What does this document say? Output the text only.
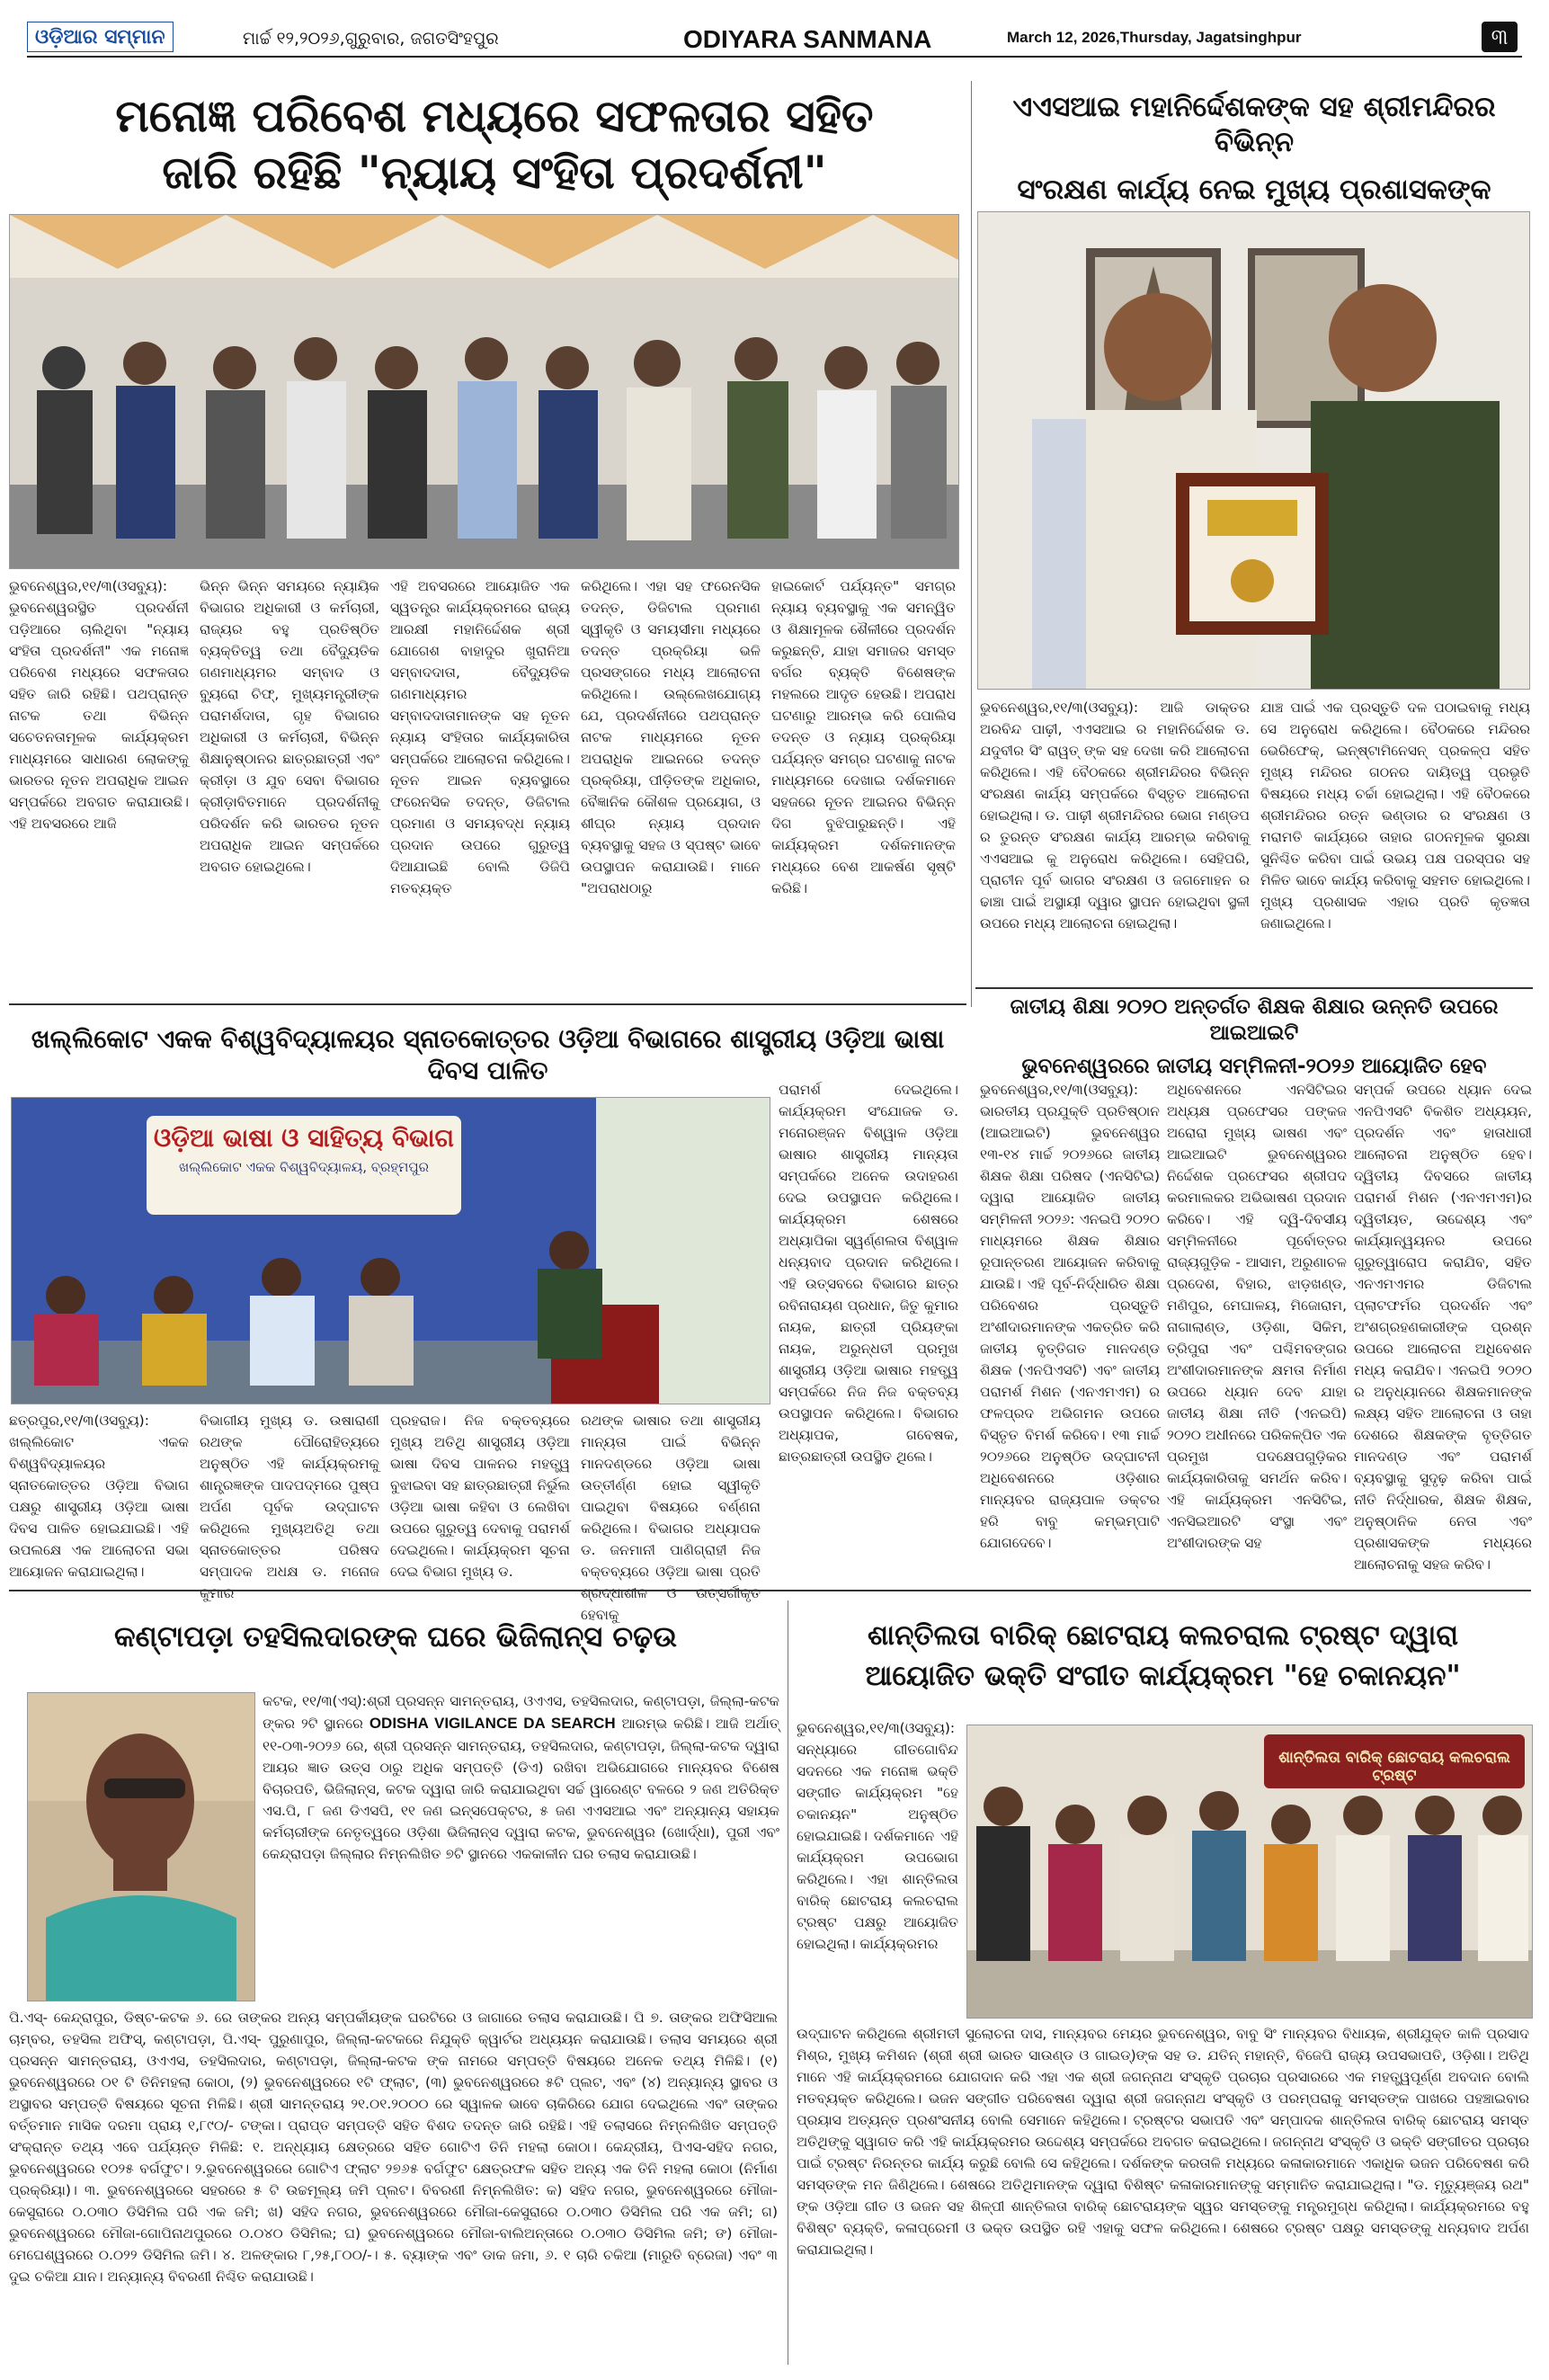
ଓଡ଼ିଆର ସମ୍ମାନ	ମାର୍ଚ୍ଚ ୧୨,୨୦୨୬,ଗୁରୁବାର, ଜଗତସିଂହପୁର	ODIYARA SANMANA	March 12, 2026,Thursday, Jagatsinghpur	୩
ମନୋଜ୍ଞ ପରିବେଶ ମଧ୍ୟରେ ସଫଳତାର ସହିତ
ଜାରି ରହିଛି "ନ୍ୟାୟ ସଂହିତା ପ୍ରଦର୍ଶନୀ"
ଭୁବନେଶ୍ୱର,୧୧/୩(ଓସବ୍ୟୁ): ଭୁବନେଶ୍ୱରସ୍ଥିତ ପ୍ରଦର୍ଶନୀ ପଡ଼ିଆରେ ଚାଲିଥିବା "ନ୍ୟାୟ ସଂହିତା ପ୍ରଦର୍ଶନୀ" ଏକ ମନୋଜ୍ଞ ପରିବେଶ ମଧ୍ୟରେ ସଫଳତାର ସହିତ ଜାରି ରହିଛି। ପଥପ୍ରାନ୍ତ ନାଟକ ତଥା ବିଭିନ୍ନ ସଚେତନତାମୂଳକ କାର୍ଯ୍ୟକ୍ରମ ମାଧ୍ୟମରେ ସାଧାରଣ ଲୋକଙ୍କୁ ଭାରତର ନୂତନ ଅପରାଧିକ ଆଇନ ସମ୍ପର୍କରେ ଅବଗତ କରାଯାଉଛି। ଏହି ଅବସରରେ ଆଜି
ଭିନ୍ନ ଭିନ୍ନ ସମୟରେ ନ୍ୟାୟିକ ବିଭାଗର ଅଧିକାରୀ ଓ କର୍ମଚାରୀ, ରାଜ୍ୟର ବହୁ ପ୍ରତିଷ୍ଠିତ ବ୍ୟକ୍ତିତ୍ୱ ତଥା ବୈଦ୍ୟୁତିକ ଗଣମାଧ୍ୟମର ସମ୍ବାଦ ଓ ବ୍ୟୁରୋ ଚିଫ୍, ମୁଖ୍ୟମନ୍ତ୍ରୀଙ୍କ ପରାମର୍ଶଦାତା, ଗୃହ ବିଭାଗର ଅଧିକାରୀ ଓ କର୍ମଚାରୀ, ବିଭିନ୍ନ ଶିକ୍ଷାନୁଷ୍ଠାନର ଛାତ୍ରଛାତ୍ରୀ ଏବଂ କ୍ରୀଡ଼ା ଓ ଯୁବ ସେବା ବିଭାଗର କ୍ରୀଡ଼ାବିତମାନେ ପ୍ରଦର୍ଶନୀକୁ ପରିଦର୍ଶନ କରି ଭାରତର ନୂତନ ଅପରାଧିକ ଆଇନ ସମ୍ପର୍କରେ ଅବଗତ ହୋଇଥିଲେ।
ଏହି ଅବସରରେ ଆୟୋଜିତ ଏକ ସ୍ୱତନ୍ତ୍ର କାର୍ଯ୍ୟକ୍ରମରେ ରାଜ୍ୟ ଆରକ୍ଷୀ ମହାନିର୍ଦ୍ଦେଶକ ଶ୍ରୀ ଯୋଗେଶ ବାହାଦୁର ଖୁରାନିଆ ସମ୍ବାଦଦାତା, ବୈଦ୍ୟୁତିକ ଗଣମାଧ୍ୟମର ସମ୍ବାଦଦାତାମାନଙ୍କ ସହ ନୂତନ ନ୍ୟାୟ ସଂହିତାର କାର୍ଯ୍ୟକାରିତା ସମ୍ପର୍କରେ ଆଲୋଚନା କରିଥିଲେ। ନୂତନ ଆଇନ ବ୍ୟବସ୍ଥାରେ ଫରେନସିକ ତଦନ୍ତ, ଡିଜିଟାଲ ପ୍ରମାଣ ଓ ସମୟବଦ୍ଧ ନ୍ୟାୟ ପ୍ରଦାନ ଉପରେ ଗୁରୁତ୍ୱ ଦିଆଯାଇଛି ବୋଲି ଡିଜିପି ମତବ୍ୟକ୍ତ
କରିଥିଲେ। ଏହା ସହ ଫରେନସିକ ତଦନ୍ତ, ଡିଜିଟାଲ ପ୍ରମାଣ ସ୍ୱୀକୃତି ଓ ସମୟସୀମା ମଧ୍ୟରେ ତଦନ୍ତ ପ୍ରକ୍ରିୟା ଭଳି ପ୍ରସଙ୍ଗରେ ମଧ୍ୟ ଆଲୋଚନା କରିଥିଲେ। ଉଲ୍ଲେଖଯୋଗ୍ୟ ଯେ, ପ୍ରଦର୍ଶନୀରେ ପଥପ୍ରାନ୍ତ ନାଟକ ମାଧ୍ୟମରେ ନୂତନ ଅପରାଧିକ ଆଇନରେ ତଦନ୍ତ ପ୍ରକ୍ରିୟା, ପୀଡ଼ିତଙ୍କ ଅଧିକାର, ବୈଜ୍ଞାନିକ କୌଶଳ ପ୍ରୟୋଗ, ଓ ଶୀଘ୍ର ନ୍ୟାୟ ପ୍ରଦାନ ବ୍ୟବସ୍ଥାକୁ ସହଜ ଓ ସ୍ପଷ୍ଟ ଭାବେ ଉପସ୍ଥାପନ କରାଯାଉଛି। ମାନେ "ଅପରାଧଠାରୁ
ହାଇକୋର୍ଟ ପର୍ଯ୍ୟନ୍ତ" ସମଗ୍ର ନ୍ୟାୟ ବ୍ୟବସ୍ଥାକୁ ଏକ ସମନ୍ୱିତ ଓ ଶିକ୍ଷାମୂଳକ ଶୈଳୀରେ ପ୍ରଦର୍ଶନ କରୁଛନ୍ତି, ଯାହା ସମାଜର ସମସ୍ତ ବର୍ଗର ବ୍ୟକ୍ତି ବିଶେଷଙ୍କ ମହଲରେ ଆଦୃତ ହେଉଛି। ଅପରାଧ ଘଟଣାରୁ ଆରମ୍ଭ କରି ପୋଲିସ ତଦନ୍ତ ଓ ନ୍ୟାୟ ପ୍ରକ୍ରିୟା ପର୍ଯ୍ୟନ୍ତ ସମଗ୍ର ଘଟଣାକୁ ନାଟକ ମାଧ୍ୟମରେ ଦେଖାଇ ଦର୍ଶକମାନେ ସହଜରେ ନୂତନ ଆଇନର ବିଭିନ୍ନ ଦିଗ ବୁଝିପାରୁଛନ୍ତି। ଏହି କାର୍ଯ୍ୟକ୍ରମ ଦର୍ଶକମାନଙ୍କ ମଧ୍ୟରେ ବେଶ ଆକର୍ଷଣ ସୃଷ୍ଟି କରିଛି।
ଏଏସଆଇ ମହାନିର୍ଦ୍ଦେଶକଙ୍କ ସହ ଶ୍ରୀମନ୍ଦିରର ବିଭିନ୍ନ
ସଂରକ୍ଷଣ କାର୍ଯ୍ୟ ନେଇ ମୁଖ୍ୟ ପ୍ରଶାସକଙ୍କ
ଭୁବନେଶ୍ୱର,୧୧/୩(ଓସବ୍ୟୁ): ଆଜି ଡାକ୍ତର ଅରବିନ୍ଦ ପାଢ଼ୀ, ଏଏସଆଇ ର ମହାନିର୍ଦ୍ଦେଶକ ଡ. ଯଦୁବୀର ସିଂ ରାୱତ୍ ଙ୍କ ସହ ଦେଖା କରି ଆଲୋଚନା କରିଥିଲେ। ଏହି ବୈଠକରେ ଶ୍ରୀମନ୍ଦିରର ବିଭିନ୍ନ ସଂରକ୍ଷଣ କାର୍ଯ୍ୟ ସମ୍ପର୍କରେ ବିସ୍ତୃତ ଆଲୋଚନା ହୋଇଥିଲା। ଡ. ପାଢ଼ୀ ଶ୍ରୀମନ୍ଦିରର ଭୋଗ ମଣ୍ଡପ ର ତୁରନ୍ତ ସଂରକ୍ଷଣ କାର୍ଯ୍ୟ ଆରମ୍ଭ କରିବାକୁ ଏଏସଆଇ କୁ ଅନୁରୋଧ କରିଥିଲେ। ସେହିପରି, ପ୍ରାଚୀନ ପୂର୍ବ ଭାଗର ସଂରକ୍ଷଣ ଓ ଜଗମୋହନ ର ଢାଞ୍ଚା ପାଇଁ ଅସ୍ଥାୟୀ ଦ୍ୱାର ସ୍ଥାପନ ହୋଇଥିବା ସ୍ଥଳୀ ଉପରେ ମଧ୍ୟ ଆଲୋଚନା ହୋଇଥିଲା।
ଯାଞ୍ଚ ପାଇଁ ଏକ ପ୍ରସ୍ତୁତି ଦଳ ପଠାଇବାକୁ ମଧ୍ୟ ସେ ଅନୁରୋଧ କରିଥିଲେ। ବୈଠକରେ ମନ୍ଦିରର ଭେରିଫେକ୍, ଇନ୍ଷ୍ଟାମିନେସନ୍ ପ୍ରକଳ୍ପ ସହିତ ମୁଖ୍ୟ ମନ୍ଦିରର ଗଠନର ଦାୟିତ୍ୱ ପ୍ରଭୃତି ବିଷୟରେ ମଧ୍ୟ ଚର୍ଚ୍ଚା ହୋଇଥିଲା। ଏହି ବୈଠକରେ ଶ୍ରୀମନ୍ଦିରର ରତ୍ନ ଭଣ୍ଡାର ର ସଂରକ୍ଷଣ ଓ ମରାମତି କାର୍ଯ୍ୟରେ ତାହାର ଗଠନମୂଳକ ସୁରକ୍ଷା ସୁନିଶ୍ଚିତ କରିବା ପାଇଁ ଉଭୟ ପକ୍ଷ ପରସ୍ପର ସହ ମିଳିତ ଭାବେ କାର୍ଯ୍ୟ କରିବାକୁ ସହମତ ହୋଇଥିଲେ। ମୁଖ୍ୟ ପ୍ରଶାସକ ଏହାର ପ୍ରତି କୃତଜ୍ଞତା ଜଣାଇଥିଲେ।
ଖଲ୍ଲିକୋଟ ଏକକ ବିଶ୍ୱବିଦ୍ୟାଳୟର ସ୍ନାତକୋତ୍ତର ଓଡ଼ିଆ ବିଭାଗରେ ଶାସ୍ତ୍ରୀୟ ଓଡ଼ିଆ ଭାଷା ଦିବସ ପାଳିତ
ଓଡ଼ିଆ ଭାଷା ଓ ସାହିତ୍ୟ ବିଭାଗ
ଖଲ୍ଲିକୋଟ ଏକକ ବିଶ୍ୱବିଦ୍ୟାଳୟ, ବ୍ରହ୍ମପୁର
ଛତ୍ରପୁର,୧୧/୩(ଓସବ୍ୟୁ): ଖଲ୍ଲିକୋଟ ଏକକ ବିଶ୍ୱବିଦ୍ୟାଳୟର ସ୍ନାତକୋତ୍ତର ଓଡ଼ିଆ ବିଭାଗ ପକ୍ଷରୁ ଶାସ୍ତ୍ରୀୟ ଓଡ଼ିଆ ଭାଷା ଦିବସ ପାଳିତ ହୋଇଯାଇଛି। ଏହି ଉପଲକ୍ଷେ ଏକ ଆଲୋଚନା ସଭା ଆୟୋଜନ କରାଯାଇଥିଲା।
ବିଭାଗୀୟ ମୁଖ୍ୟ ଡ. ଉଷାରାଣୀ ରଥଙ୍କ ପୌରୋହିତ୍ୟରେ ଅନୁଷ୍ଠିତ ଏହି କାର୍ଯ୍ୟକ୍ରମକୁ ଶାନ୍ତ୍ରଜ୍ଞଙ୍କ ପାଦପଦ୍ମରେ ପୁଷ୍ପ ଅର୍ପଣ ପୂର୍ବକ ଉଦ୍‌ଘାଟନ କରିଥିଲେ ମୁଖ୍ୟଅତିଥି ତଥା ସ୍ନାତକୋତ୍ତର ପରିଷଦ ସମ୍ପାଦକ ଅଧକ୍ଷ ଡ. ମନୋଜ କୁମାର
ପ୍ରହରାଜ। ନିଜ ବକ୍ତବ୍ୟରେ ମୁଖ୍ୟ ଅତିଥି ଶାସ୍ତ୍ରୀୟ ଓଡ଼ିଆ ଭାଷା ଦିବସ ପାଳନର ମହତ୍ତ୍ୱ ବୁଝାଇବା ସହ ଛାତ୍ରଛାତ୍ରୀ ନିର୍ଭୁଲ ଓଡ଼ିଆ ଭାଷା କହିବା ଓ ଲେଖିବା ଉପରେ ଗୁରୁତ୍ୱ ଦେବାକୁ ପରାମର୍ଶ ଦେଇଥିଲେ। କାର୍ଯ୍ୟକ୍ରମ ସୂଚନା ଦେଇ ବିଭାଗ ମୁଖ୍ୟ ଡ.
ରଥଙ୍କ ଭାଷାର ତଥା ଶାସ୍ତ୍ରୀୟ ମାନ୍ୟତା ପାଇଁ ବିଭିନ୍ନ ମାନଦଣ୍ଡରେ ଓଡ଼ିଆ ଭାଷା ଉତ୍ତୀର୍ଣ୍ଣ ହୋଇ ସ୍ୱୀକୃତି ପାଇଥିବା ବିଷୟରେ ବର୍ଣ୍ଣନା କରିଥିଲେ। ବିଭାଗର ଅଧ୍ୟାପକ ଡ. ଜନମାନୀ ପାଣିଗ୍ରାହୀ ନିଜ ବକ୍ତବ୍ୟରେ ଓଡ଼ିଆ ଭାଷା ପ୍ରତି ଶ୍ରଦ୍ଧାଶୀଳ ଓ ଉତ୍ସର୍ଗୀକୃତ ହେବାକୁ
ପରାମର୍ଶ ଦେଇଥିଲେ। କାର୍ଯ୍ୟକ୍ରମ ସଂଯୋଜକ ଡ. ମନୋରଞ୍ଜନ ବିଶ୍ୱାଳ ଓଡ଼ିଆ ଭାଷାର ଶାସ୍ତ୍ରୀୟ ମାନ୍ୟତା ସମ୍ପର୍କରେ ଅନେକ ଉଦାହରଣ ଦେଇ ଉପସ୍ଥାପନ କରିଥିଲେ। କାର୍ଯ୍ୟକ୍ରମ ଶେଷରେ ଅଧ୍ୟାପିକା ସ୍ୱର୍ଣ୍ଣଲତା ବିଶ୍ୱାଳ ଧନ୍ୟବାଦ ପ୍ରଦାନ କରିଥିଲେ। ଏହି ଉତ୍ସବରେ ବିଭାଗର ଛାତ୍ର ରବିନାରାୟଣ ପ୍ରଧାନ, ଜିତୁ କୁମାର ନାୟକ, ଛାତ୍ରୀ ପ୍ରିୟଙ୍କା ନାୟକ, ଅରୁନ୍ଧତୀ ପ୍ରମୁଖ ଶାସ୍ତ୍ରୀୟ ଓଡ଼ିଆ ଭାଷାର ମହତ୍ତ୍ୱ ସମ୍ପର୍କରେ ନିଜ ନିଜ ବକ୍ତବ୍ୟ ଉପସ୍ଥାପନ କରିଥିଲେ। ବିଭାଗର ଅଧ୍ୟାପକ, ଗବେଷକ, ଛାତ୍ରଛାତ୍ରୀ ଉପସ୍ଥିତ ଥିଲେ।
ଜାତୀୟ ଶିକ୍ଷା ୨୦୨୦ ଅନ୍ତର୍ଗତ ଶିକ୍ଷକ ଶିକ୍ଷାର ଉନ୍ନତି ଉପରେ ଆଇଆଇଟି
ଭୁବନେଶ୍ୱରରେ ଜାତୀୟ ସମ୍ମିଳନୀ-୨୦୨୬ ଆୟୋଜିତ ହେବ
ଭୁବନେଶ୍ୱର,୧୧/୩(ଓସବ୍ୟୁ): ଭାରତୀୟ ପ୍ରଯୁକ୍ତି ପ୍ରତିଷ୍ଠାନ (ଆଇଆଇଟି) ଭୁବନେଶ୍ୱର ୧୩-୧୪ ମାର୍ଚ୍ଚ ୨୦୨୬ରେ ଜାତୀୟ ଶିକ୍ଷକ ଶିକ୍ଷା ପରିଷଦ (ଏନସିଟିଇ) ଦ୍ୱାରା ଆୟୋଜିତ ଜାତୀୟ ସମ୍ମିଳନୀ ୨୦୨୬: ଏନଇପି ୨୦୨୦ ମାଧ୍ୟମରେ ଶିକ୍ଷକ ଶିକ୍ଷାର ରୂପାନ୍ତରଣ ଆୟୋଜନ କରିବାକୁ ଯାଉଛି। ଏହି ପୂର୍ବ-ନିର୍ଦ୍ଧାରିତ ଶିକ୍ଷା ପରିବେଶର ପ୍ରସ୍ତୁତି ଅଂଶୀଦାରମାନଙ୍କ ଏକତ୍ରିତ କରି ଜାତୀୟ ବୃତ୍ତିଗତ ମାନଦଣ୍ଡ ଶିକ୍ଷକ (ଏନପିଏସଟି) ଏବଂ ଜାତୀୟ ପରାମର୍ଶ ମିଶନ (ଏନଏମଏମ) ର ଫଳପ୍ରଦ ଅଭିଗମନ ଉପରେ ବିସ୍ତୃତ ବିମର୍ଶ କରିବେ। ୧୩ ମାର୍ଚ୍ଚ ୨୦୨୬ରେ ଅନୁଷ୍ଠିତ ଉଦ୍‌ଘାଟନୀ ଅଧିବେଶନରେ ଓଡ଼ିଶାର ମାନ୍ୟବର ରାଜ୍ୟପାଳ ଡକ୍ଟର ହରି ବାବୁ କମ୍ଭମ୍ପାଟି ଯୋଗଦେବେ।
ଅଧିବେଶନରେ ଏନସିଟିଇର ଅଧ୍ୟକ୍ଷ ପ୍ରଫେସର ପଙ୍କଜ ଅରୋରା ମୁଖ୍ୟ ଭାଷଣ ଏବଂ ଆଇଆଇଟି ଭୁବନେଶ୍ୱରର ନିର୍ଦ୍ଦେଶକ ପ୍ରଫେସର ଶ୍ରୀପଦ କରମାଲକର ଅଭିଭାଷଣ ପ୍ରଦାନ କରିବେ। ଏହି ଦ୍ୱି-ଦିବସୀୟ ସମ୍ମିଳନୀରେ ପୂର୍ବୋତ୍ତର ରାଜ୍ୟଗୁଡ଼ିକ - ଆସାମ, ଅରୁଣାଚଳ ପ୍ରଦେଶ, ବିହାର, ଝାଡ଼ଖଣ୍ଡ, ମଣିପୁର, ମେଘାଳୟ, ମିଜୋରାମ, ନାଗାଲାଣ୍ଡ, ଓଡ଼ିଶା, ସିକିମ, ତ୍ରିପୁରା ଏବଂ ପଶ୍ଚିମବଙ୍ଗର ଅଂଶୀଦାରମାନଙ୍କ କ୍ଷମତା ନିର୍ମାଣ ଉପରେ ଧ୍ୟାନ ଦେବ ଯାହା ଜାତୀୟ ଶିକ୍ଷା ନୀତି (ଏନଇପି) ୨୦୨୦ ଅଧୀନରେ ପରିକଳ୍ପିତ ଏକ ପ୍ରମୁଖ ପଦକ୍ଷେପଗୁଡ଼ିକର କାର୍ଯ୍ୟକାରିତାକୁ ସମର୍ଥନ କରିବ। ଏହି କାର୍ଯ୍ୟକ୍ରମ ଏନସିଟିଇ, ଏନସିଇଆରଟି ସଂସ୍ଥା ଏବଂ ଅଂଶୀଦାରଙ୍କ ସହ
ସମ୍ପର୍କ ଉପରେ ଧ୍ୟାନ ଦେଇ ଏନପିଏସଟି ବିକଶିତ ଅଧ୍ୟୟନ, ପ୍ରଦର୍ଶନ ଏବଂ ହାତାଧାରୀ ଆଲୋଚନା ଅନୁଷ୍ଠିତ ହେବ। ଦ୍ୱିତୀୟ ଦିବସରେ ଜାତୀୟ ପରାମର୍ଶ ମିଶନ (ଏନଏମଏମ)ର ଦ୍ୱିତୀୟତ, ଉଦ୍ଦେଶ୍ୟ ଏବଂ କାର୍ଯ୍ୟାନ୍ୱୟନର ଉପରେ ଗୁରୁତ୍ୱାରୋପ କରାଯିବ, ସହିତ ଏନଏମଏମର ଡିଜିଟାଲ ପ୍ଲାଟଫର୍ମର ପ୍ରଦର୍ଶନ ଏବଂ ଅଂଶଗ୍ରହଣକାରୀଙ୍କ ପ୍ରଶ୍ନ ଉପରେ ଆଲୋଚନା ଅଧିବେଶନ ମଧ୍ୟ କରାଯିବ। ଏନଇପି ୨୦୨୦ ର ଅନୁଧ୍ୟାନରେ ଶିକ୍ଷକମାନଙ୍କ ଲକ୍ଷ୍ୟ ସହିତ ଆଲୋଚନା ଓ ତାହା ଦେଶରେ ଶିକ୍ଷକଙ୍କ ବୃତ୍ତିଗତ ମାନଦଣ୍ଡ ଏବଂ ପରାମର୍ଶ ବ୍ୟବସ୍ଥାକୁ ସୁଦୃଢ଼ କରିବା ପାଇଁ ନୀତି ନିର୍ଦ୍ଧାରକ, ଶିକ୍ଷକ ଶିକ୍ଷକ, ଅନୁଷ୍ଠାନିକ ନେତା ଏବଂ ପ୍ରଶାସକଙ୍କ ମଧ୍ୟରେ ଆଲୋଚନାକୁ ସହଜ କରିବ।
କଣ୍ଟାପଡ଼ା ତହସିଲଦାରଙ୍କ ଘରେ ଭିଜିଲାନ୍ସ ଚଢ଼ଉ
କଟକ, ୧୧/୩(ଏସ୍):ଶ୍ରୀ ପ୍ରସନ୍ନ ସାମନ୍ତରାୟ, ଓଏଏସ, ତହସିଲଦାର, କଣ୍ଟାପଡ଼ା, ଜିଲ୍ଲା-କଟକ ଙ୍କର ୨ଟି ସ୍ଥାନରେ ODISHA VIGILANCE DA SEARCH ଆରମ୍ଭ କରିଛି। ଆଜି ଅର୍ଥାତ୍ ୧୧-୦୩-୨୦୨୬ ରେ, ଶ୍ରୀ ପ୍ରସନ୍ନ ସାମନ୍ତରାୟ, ତହସିଲଦାର, କଣ୍ଟାପଡ଼ା, ଜିଲ୍ଲା-କଟକ ଦ୍ୱାରା ଆୟର ଜ୍ଞାତ ଉତ୍ସ ଠାରୁ ଅଧିକ ସମ୍ପତ୍ତି (ଡିଏ) ରଖିବା ଅଭିଯୋଗରେ ମାନ୍ୟବର ବିଶେଷ ବିଚାରପତି, ଭିଜିଲାନ୍ସ, କଟକ ଦ୍ୱାରା ଜାରି କରାଯାଇଥିବା ସର୍ଚ୍ଚ ୱାରେଣ୍ଟ ବଳରେ ୨ ଜଣ ଅତିରିକ୍ତ ଏସ.ପି, ୮ ଜଣ ଡିଏସପି, ୧୧ ଜଣ ଇନ୍ସପେକ୍ଟର, ୫ ଜଣ ଏଏସଆଇ ଏବଂ ଅନ୍ୟାନ୍ୟ ସହାୟକ କର୍ମଚାରୀଙ୍କ ନେତୃତ୍ୱରେ ଓଡ଼ିଶା ଭିଜିଲାନ୍ସ ଦ୍ୱାରା କଟକ, ଭୁବନେଶ୍ୱର (ଖୋର୍ଦ୍ଧା), ପୁରୀ ଏବଂ କେନ୍ଦ୍ରାପଡ଼ା ଜିଲ୍ଲାର ନିମ୍ନଲିଖିତ ୭ଟି ସ୍ଥାନରେ ଏକକାଳୀନ ଘର ତଲାସ କରାଯାଉଛି।
ପି.ଏସ୍- କେନ୍ଦ୍ରାପୁର, ଡିଷ୍ଟ-କଟକ ୬. ରେ ତାଙ୍କର ଅନ୍ୟ ସମ୍ପର୍କୀୟଙ୍କ ଘରଟିରେ ଓ ଜାଗାରେ ତଲାସ କରାଯାଉଛି। ପି ୭. ତାଙ୍କର ଅଫିସିଆଲ ଚାମ୍ବର, ତହସିଲ ଅଫିସ୍, କଣ୍ଟାପଡ଼ା, ପି.ଏସ୍- ପୁରୁଣାପୁର, ଜିଲ୍ଲା-କଟକରେ ନିଯୁକ୍ତି କ୍ୱାର୍ଟର ଅଧ୍ୟୟନ କରାଯାଉଛି। ତଲାସ ସମୟରେ ଶ୍ରୀ ପ୍ରସନ୍ନ ସାମନ୍ତରାୟ, ଓଏଏସ, ତହସିଲଦାର, କଣ୍ଟାପଡ଼ା, ଜିଲ୍ଲା-କଟକ ଙ୍କ ନାମରେ ସମ୍ପତ୍ତି ବିଷୟରେ ଅନେକ ତଥ୍ୟ ମିଳିଛି। (୧) ଭୁବନେଶ୍ୱରରେ ୦୧ ଟି ତିନିମହଲା କୋଠା, (୨) ଭୁବନେଶ୍ୱରରେ ୧ଟି ଫ୍ଲାଟ, (୩) ଭୁବନେଶ୍ୱରରେ ୫ଟି ପ୍ଲଟ, ଏବଂ (୪) ଅନ୍ୟାନ୍ୟ ସ୍ଥାବର ଓ ଅସ୍ଥାବର ସମ୍ପତ୍ତି ବିଷୟରେ ସୂଚନା ମିଳିଛି। ଶ୍ରୀ ସାମନ୍ତରାୟ ୨୧.୦୧.୨୦୦୦ ରେ ସ୍ୱାଳକ ଭାବେ ଚାକିରିରେ ଯୋଗ ଦେଇଥିଲେ ଏବଂ ତାଙ୍କର ବର୍ତ୍ତମାନ ମାସିକ ଦରମା ପ୍ରାୟ ୧,୮୯୦/- ଟଙ୍କା। ପ୍ରାପ୍ତ ସମ୍ପତ୍ତି ସହିତ ବିଶଦ ତଦନ୍ତ ଜାରି ରହିଛି। ଏହି ତଲାସରେ ନିମ୍ନଲିଖିତ ସମ୍ପତ୍ତି ସଂକ୍ରାନ୍ତ ତଥ୍ୟ ଏବେ ପର୍ଯ୍ୟନ୍ତ ମିଳିଛି: ୧. ଅନ୍ଧ୍ୟାୟ କ୍ଷେତ୍ରରେ ସହିତ ଗୋଟିଏ ତିନି ମହଲା କୋଠା। କେନ୍ଦ୍ରୀୟ, ପିଏସ-ସହିଦ ନଗର, ଭୁବନେଶ୍ୱରରେ ୧୦୨୫ ବର୍ଗଫୁଟ। ୨.ଭୁବନେଶ୍ୱରରେ ଗୋଟିଏ ଫ୍ଲାଟ ୨୭୬୫ ବର୍ଗଫୁଟ କ୍ଷେତ୍ରଫଳ ସହିତ ଅନ୍ୟ ଏକ ତିନି ମହଲା କୋଠା (ନିର୍ମାଣ ପ୍ରକ୍ରିୟା)। ୩. ଭୁବନେଶ୍ୱରରେ ସହରରେ ୫ ଟି ଉଚ୍ଚମୂଲ୍ୟ ଜମି ପ୍ଲଟ। ବିବରଣୀ ନିମ୍ନଲିଖିତ: କ) ସହିଦ ନଗର, ଭୁବନେଶ୍ୱରରେ ମୌଜା-କେସୁରାରେ ୦.୦୩୦ ଡିସିମିଲ ପରି ଏକ ଜମି; ଖ) ସହିଦ ନଗର, ଭୁବନେଶ୍ୱରରେ ମୌଜା-କେସୁରାରେ ୦.୦୩୦ ଡିସିମିଲ ପରି ଏକ ଜମି; ଗ) ଭୁବନେଶ୍ୱରରେ ମୌଜା-ଗୋପିନାଥପୁରରେ ୦.୦୪୦ ଡିସିମିଲ; ଘ) ଭୁବନେଶ୍ୱରରେ ମୌଜା-ବାଲିଅନ୍ତାରେ ୦.୦୩୦ ଡିସିମିଲ ଜମି; ଙ) ମୌଜା-ମେଘେଶ୍ୱରରେ ୦.୦୨୨ ଡିସିମିଲ ଜମି। ୪. ଅଳଙ୍କାର ୮,୨୫,୮୦୦/-। ୫. ବ୍ୟାଙ୍କ ଏବଂ ଡାକ ଜମା, ୬. ୧ ଚାରି ଚକିଆ (ମାରୁତି ବ୍ରେଜା) ଏବଂ ୩ ଦୁଇ ଚକିଆ ଯାନ। ଅନ୍ୟାନ୍ୟ ବିବରଣୀ ନିଶ୍ଚିତ କରାଯାଉଛି।
ଶାନ୍ତିଲତା ବାରିକ୍ ଛୋଟରାୟ କଲଚରାଲ ଟ୍ରଷ୍ଟ ଦ୍ୱାରା
ଆୟୋଜିତ ଭକ୍ତି ସଂଗୀତ କାର୍ଯ୍ୟକ୍ରମ "ହେ ଚକାନୟନ"
ଭୁବନେଶ୍ୱର,୧୧/୩(ଓସବ୍ୟୁ): ସନ୍ଧ୍ୟାରେ ଗୀତଗୋବିନ୍ଦ ସଦନରେ ଏକ ମନୋଜ୍ଞ ଭକ୍ତି ସଙ୍ଗୀତ କାର୍ଯ୍ୟକ୍ରମ "ହେ ଚକାନୟନ" ଅନୁଷ୍ଠିତ ହୋଇଯାଇଛି। ଦର୍ଶକମାନେ ଏହି କାର୍ଯ୍ୟକ୍ରମ ଉପଭୋଗ କରିଥିଲେ। ଏହା ଶାନ୍ତିଲତା ବାରିକ୍ ଛୋଟରାୟ କଲଚରାଲ ଟ୍ରଷ୍ଟ ପକ୍ଷରୁ ଆୟୋଜିତ ହୋଇଥିଲା। କାର୍ଯ୍ୟକ୍ରମର
ଶାନ୍ତିଲତା ବାରିକ୍ ଛୋଟରାୟ କଲଚରାଲ ଟ୍ରଷ୍ଟ
ଉଦ୍‌ଘାଟନ କରିଥିଲେ ଶ୍ରୀମତୀ ସୁଲୋଚନା ଦାସ, ମାନ୍ୟବର ମେୟର ଭୁବନେଶ୍ୱର, ବାବୁ ସିଂ ମାନ୍ୟବର ବିଧାୟକ, ଶ୍ରୀଯୁକ୍ତ କାଳି ପ୍ରସାଦ ମିଶ୍ର, ମୁଖ୍ୟ କମିଶନ (ଶ୍ରୀ ଶ୍ରୀ ଭାରତ ସାଉଣ୍ଡ ଓ ଗାଇଡ୍)ଙ୍କ ସହ ଡ. ଯତିନ୍ ମହାନ୍ତି, ବିଜେପି ରାଜ୍ୟ ଉପସଭାପତି, ଓଡ଼ିଶା। ଅତିଥି ମାନେ ଏହି କାର୍ଯ୍ୟକ୍ରମରେ ଯୋଗଦାନ କରି ଏହା ଏକ ଶ୍ରୀ ଜଗନ୍ନାଥ ସଂସ୍କୃତି ପ୍ରଚାର ପ୍ରସାରରେ ଏକ ମହତ୍ତ୍ୱପୂର୍ଣ୍ଣ ଅବଦାନ ବୋଲି ମତବ୍ୟକ୍ତ କରିଥିଲେ। ଭଜନ ସଙ୍ଗୀତ ପରିବେଷଣ ଦ୍ୱାରା ଶ୍ରୀ ଜଗନ୍ନାଥ ସଂସ୍କୃତି ଓ ପରମ୍ପରାକୁ ସମସ୍ତଙ୍କ ପାଖରେ ପହଞ୍ଚାଇବାର ପ୍ରୟାସ ଅତ୍ୟନ୍ତ ପ୍ରଶଂସନୀୟ ବୋଲି ସେମାନେ କହିଥିଲେ। ଟ୍ରଷ୍ଟର ସଭାପତି ଏବଂ ସମ୍ପାଦକ ଶାନ୍ତିଲତା ବାରିକ୍ ଛୋଟରାୟ ସମସ୍ତ ଅତିଥିଙ୍କୁ ସ୍ୱାଗତ କରି ଏହି କାର୍ଯ୍ୟକ୍ରମର ଉଦ୍ଦେଶ୍ୟ ସମ୍ପର୍କରେ ଅବଗତ କରାଇଥିଲେ। ଜଗନ୍ନାଥ ସଂସ୍କୃତି ଓ ଭକ୍ତି ସଙ୍ଗୀତର ପ୍ରଚାର ପାଇଁ ଟ୍ରଷ୍ଟ ନିରନ୍ତର କାର୍ଯ୍ୟ କରୁଛି ବୋଲି ସେ କହିଥିଲେ। ଦର୍ଶକଙ୍କ କରତାଳି ମଧ୍ୟରେ କଳାକାରମାନେ ଏକାଧିକ ଭଜନ ପରିବେଷଣ କରି ସମସ୍ତଙ୍କ ମନ ଜିଣିଥିଲେ। ଶେଷରେ ଅତିଥିମାନଙ୍କ ଦ୍ୱାରା ବିଶିଷ୍ଟ କଳାକାରମାନଙ୍କୁ ସମ୍ମାନିତ କରାଯାଇଥିଲା। "ଡ. ମୃତ୍ୟୁଞ୍ଜୟ ରଥ" ଙ୍କ ଓଡ଼ିଆ ଗୀତ ଓ ଭଜନ ସହ ଶିଳ୍ପୀ ଶାନ୍ତିଲତା ବାରିକ୍ ଛୋଟରାୟଙ୍କ ସ୍ୱର ସମସ୍ତଙ୍କୁ ମନ୍ତ୍ରମୁଗ୍ଧ କରିଥିଲା। କାର୍ଯ୍ୟକ୍ରମରେ ବହୁ ବିଶିଷ୍ଟ ବ୍ୟକ୍ତି, କଳାପ୍ରେମୀ ଓ ଭକ୍ତ ଉପସ୍ଥିତ ରହି ଏହାକୁ ସଫଳ କରିଥିଲେ। ଶେଷରେ ଟ୍ରଷ୍ଟ ପକ୍ଷରୁ ସମସ୍ତଙ୍କୁ ଧନ୍ୟବାଦ ଅର୍ପଣ କରାଯାଇଥିଲା।
